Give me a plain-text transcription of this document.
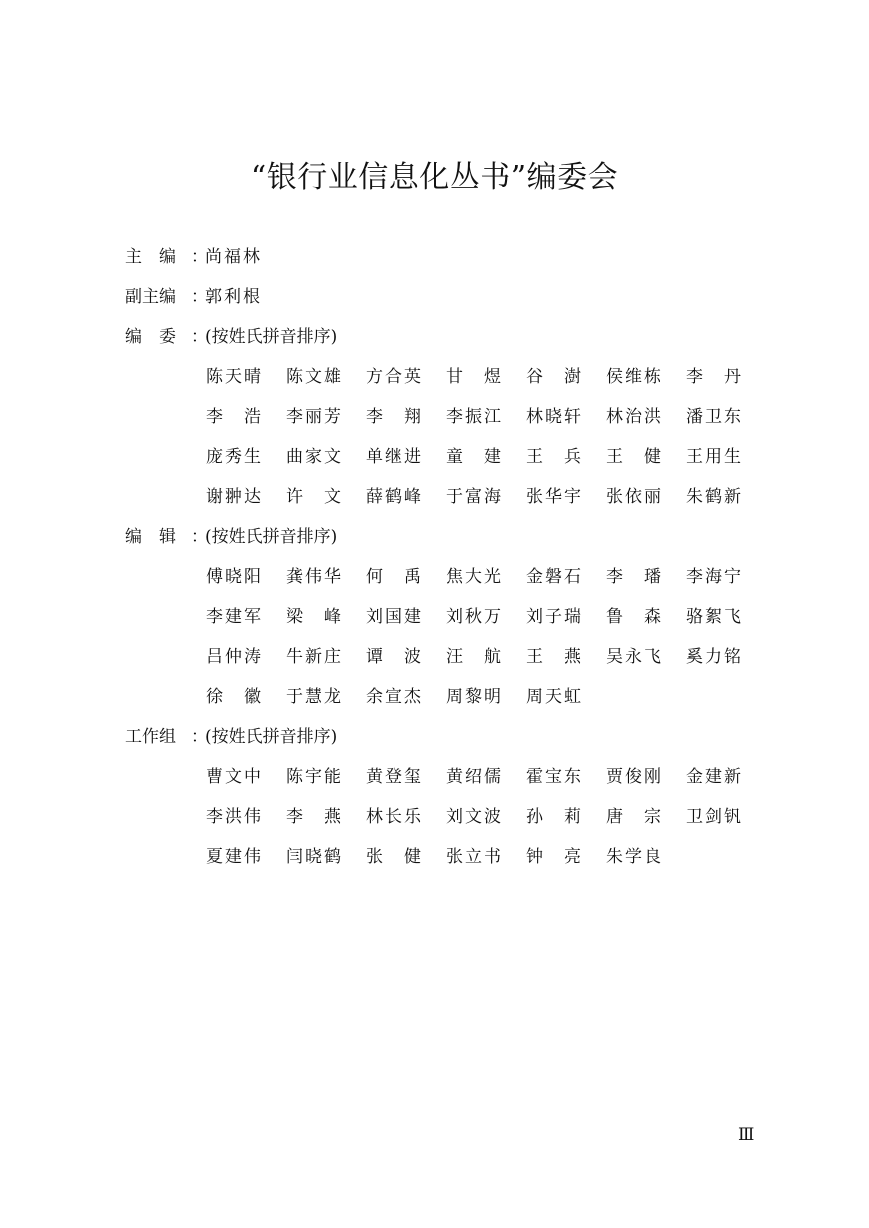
“银行业信息化丛书”编委会
主　编 ：
尚福林
副主编 ：
郭利根
编　委 ：
(按姓氏拼音排序)
陈天晴	陈文雄	方合英	甘　煜	谷　澍	侯维栋	李　丹
李　浩	李丽芳	李　翔	李振江	林晓轩	林治洪	潘卫东
庞秀生	曲家文	单继进	童　建	王　兵	王　健	王用生
谢翀达	许　文	薛鹤峰	于富海	张华宇	张依丽	朱鹤新
编　辑 ：
(按姓氏拼音排序)
傅晓阳	龚伟华	何　禹	焦大光	金磐石	李　璠	李海宁
李建军	梁　峰	刘国建	刘秋万	刘子瑞	鲁　森	骆絮飞
吕仲涛	牛新庄	谭　波	汪　航	王　燕	吴永飞	奚力铭
徐　徽	于慧龙	余宣杰	周黎明	周天虹
工作组 ：
(按姓氏拼音排序)
曹文中	陈宇能	黄登玺	黄绍儒	霍宝东	贾俊刚	金建新
李洪伟	李　燕	林长乐	刘文波	孙　莉	唐　宗	卫剑钒
夏建伟	闫晓鹤	张　健	张立书	钟　亮	朱学良
Ⅲ
